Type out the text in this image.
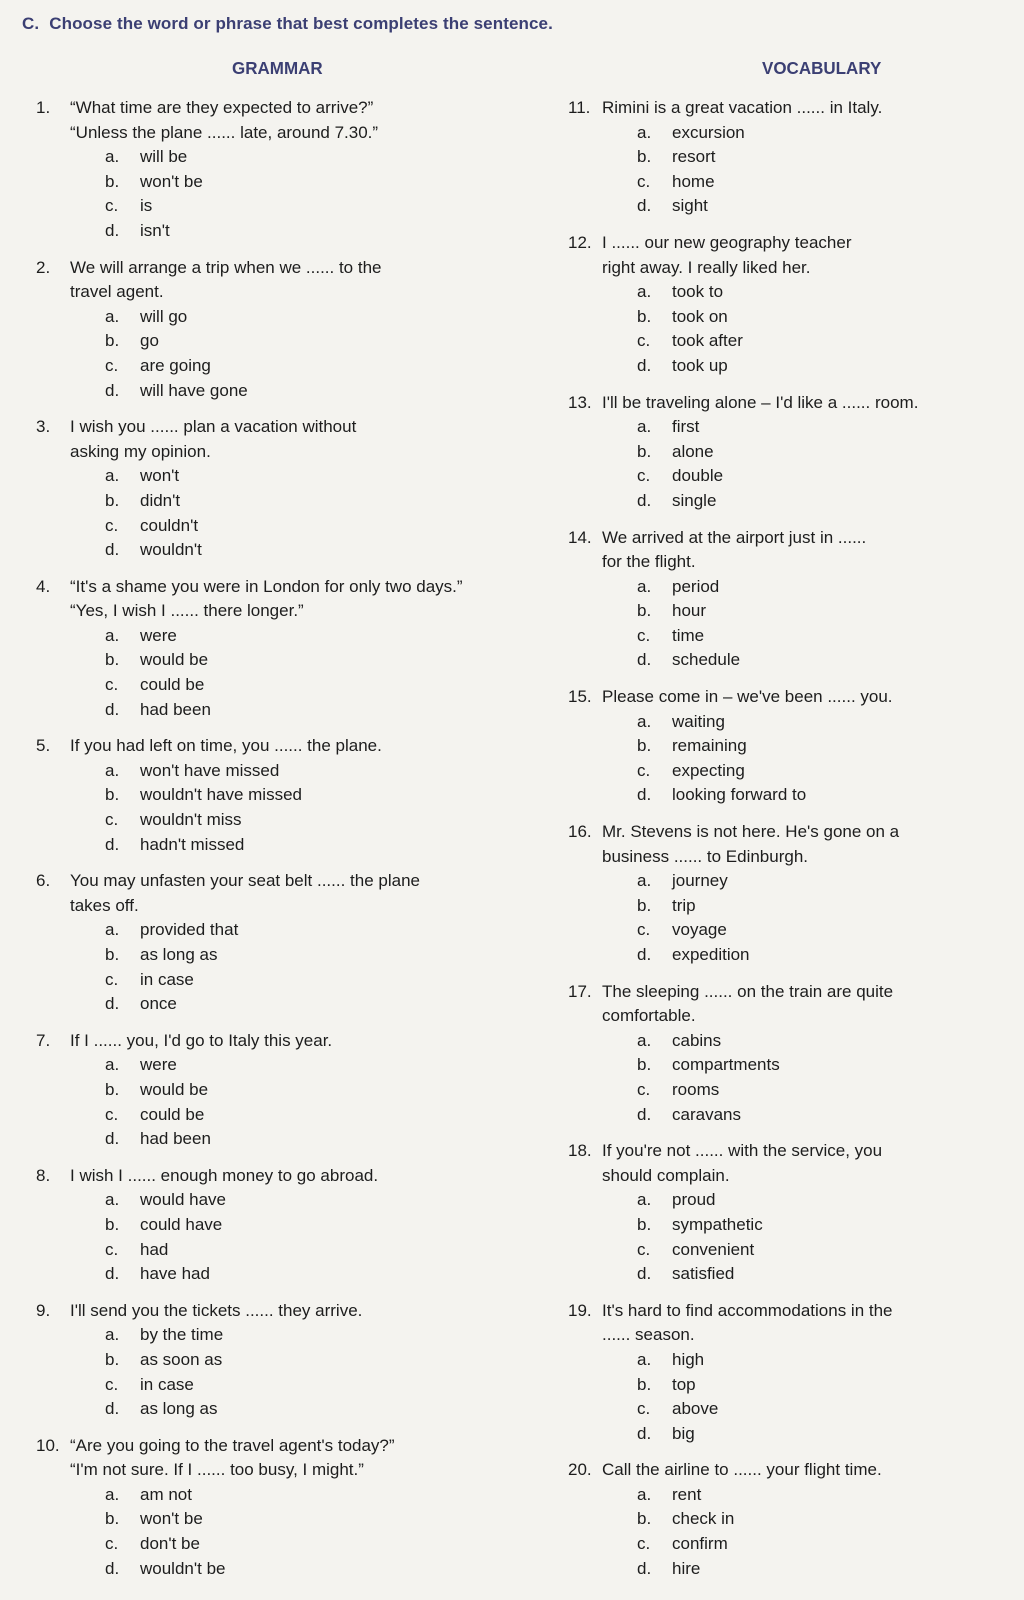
C. Choose the word or phrase that best completes the sentence.
GRAMMAR	VOCABULARY
1. “What time are they expected to arrive?”
“Unless the plane ...... late, around 7.30.”
a.	will be
b.	won't be
c.	is
d.	isn't
2. We will arrange a trip when we ...... to the
travel agent.
a.	will go
b.	go
c.	are going
d.	will have gone
3. I wish you ...... plan a vacation without
asking my opinion.
a.	won't
b.	didn't
c.	couldn't
d.	wouldn't
4. “It's a shame you were in London for only two days.”
“Yes, I wish I ...... there longer.”
a.	were
b.	would be
c.	could be
d.	had been
5. If you had left on time, you ...... the plane.
a.	won't have missed
b.	wouldn't have missed
c.	wouldn't miss
d.	hadn't missed
6. You may unfasten your seat belt ...... the plane
takes off.
a.	provided that
b.	as long as
c.	in case
d.	once
7. If I ...... you, I'd go to Italy this year.
a.	were
b.	would be
c.	could be
d.	had been
8. I wish I ...... enough money to go abroad.
a.	would have
b.	could have
c.	had
d.	have had
9. I'll send you the tickets ...... they arrive.
a.	by the time
b.	as soon as
c.	in case
d.	as long as
10. “Are you going to the travel agent's today?”
“I'm not sure. If I ...... too busy, I might.”
a.	am not
b.	won't be
c.	don't be
d.	wouldn't be
11. Rimini is a great vacation ...... in Italy.
a.	excursion
b.	resort
c.	home
d.	sight
12. I ...... our new geography teacher
right away. I really liked her.
a.	took to
b.	took on
c.	took after
d.	took up
13. I'll be traveling alone – I'd like a ...... room.
a.	first
b.	alone
c.	double
d.	single
14. We arrived at the airport just in ......
for the flight.
a.	period
b.	hour
c.	time
d.	schedule
15. Please come in – we've been ...... you.
a.	waiting
b.	remaining
c.	expecting
d.	looking forward to
16. Mr. Stevens is not here. He's gone on a
business ...... to Edinburgh.
a.	journey
b.	trip
c.	voyage
d.	expedition
17. The sleeping ...... on the train are quite
comfortable.
a.	cabins
b.	compartments
c.	rooms
d.	caravans
18. If you're not ...... with the service, you
should complain.
a.	proud
b.	sympathetic
c.	convenient
d.	satisfied
19. It's hard to find accommodations in the
...... season.
a.	high
b.	top
c.	above
d.	big
20. Call the airline to ...... your flight time.
a.	rent
b.	check in
c.	confirm
d.	hire
